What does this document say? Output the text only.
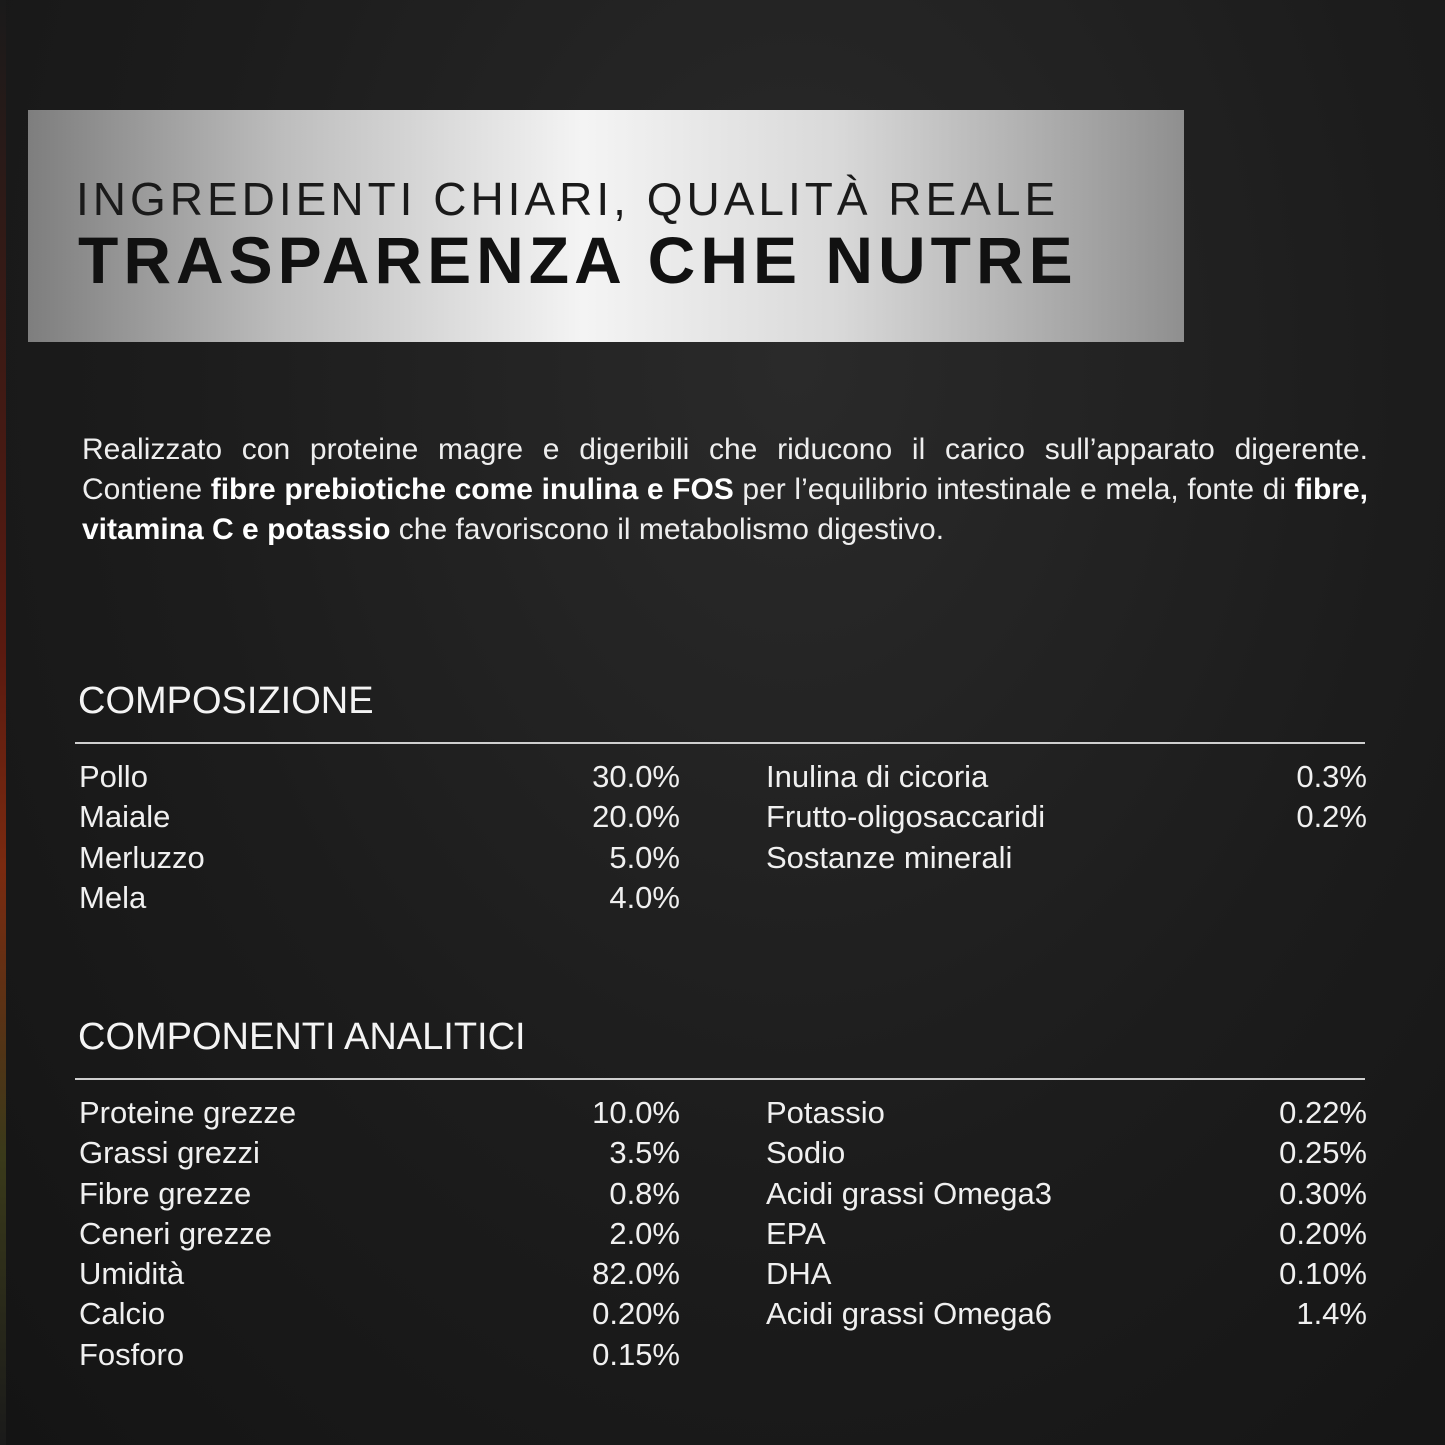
INGREDIENTI CHIARI, QUALITÀ REALE
TRASPARENZA CHE NUTRE
Realizzato con proteine magre e digeribili che riducono il carico sull’apparato digerente. Contiene fibre prebiotiche come inulina e FOS per l’equilibrio intestinale e mela, fonte di fibre, vitamina C e potassio che favoriscono il metabolismo digestivo.
COMPOSIZIONE
Pollo	30.0%
Maiale	20.0%
Merluzzo	5.0%
Mela	4.0%
Inulina di cicoria	0.3%
Frutto-oligosaccaridi	0.2%
Sostanze minerali
COMPONENTI ANALITICI
Proteine grezze	10.0%
Grassi grezzi	3.5%
Fibre grezze	0.8%
Ceneri grezze	2.0%
Umidità	82.0%
Calcio	0.20%
Fosforo	0.15%
Potassio	0.22%
Sodio	0.25%
Acidi grassi Omega3	0.30%
EPA	0.20%
DHA	0.10%
Acidi grassi Omega6	1.4%
